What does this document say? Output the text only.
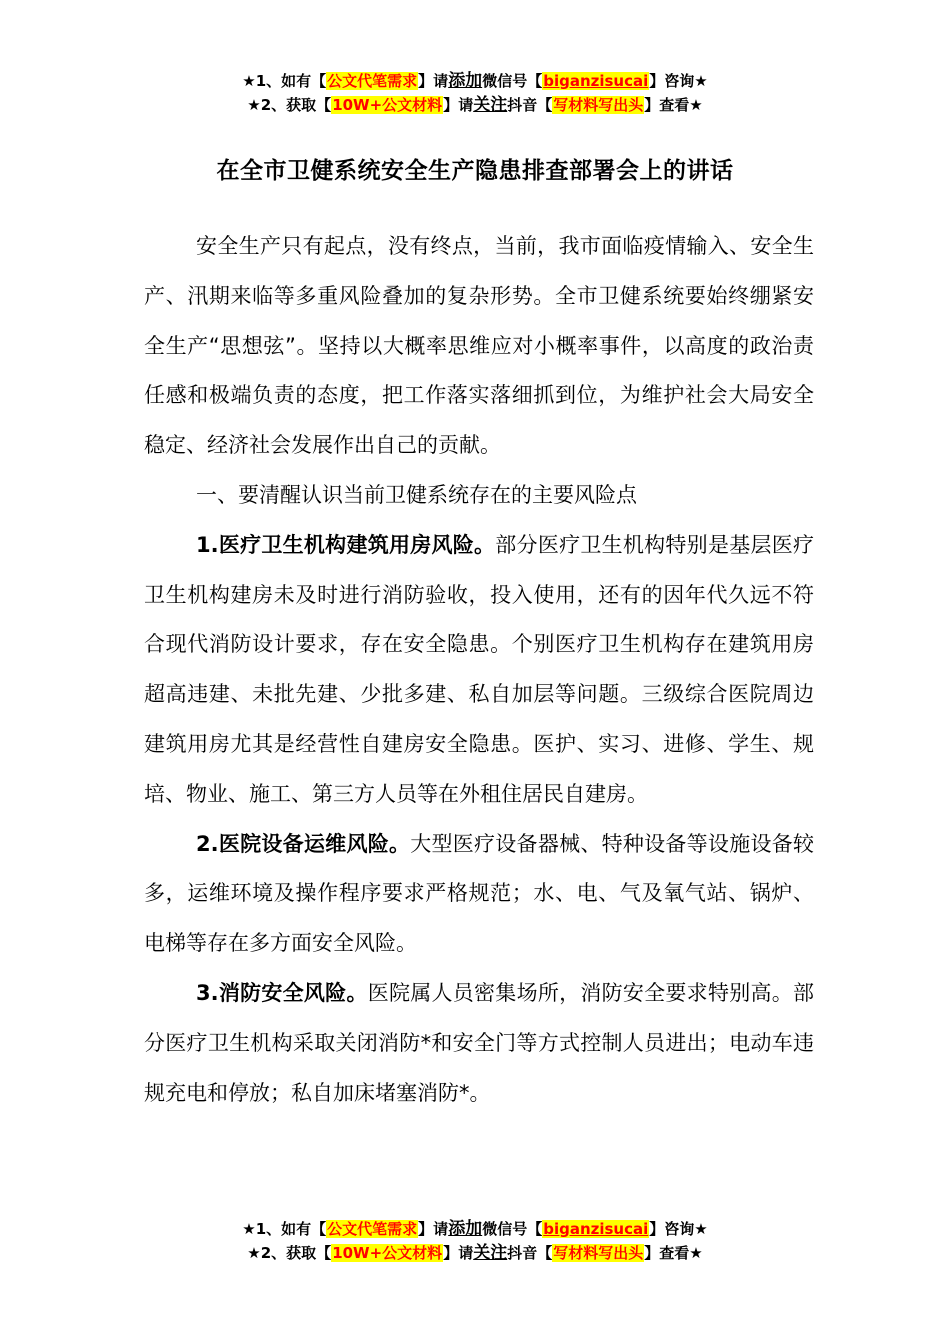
★1、如有【公文代笔需求】请添加微信号【biganzisucai】咨询★
★2、获取【10W+公文材料】请关注抖音【写材料写出头】查看★
在全市卫健系统安全生产隐患排查部署会上的讲话

安全生产只有起点，没有终点，当前，我市面临疫情输入、安全生产、汛期来临等多重风险叠加的复杂形势。全市卫健系统要始终绷紧安全生产“思想弦”。坚持以大概率思维应对小概率事件，以高度的政治责任感和极端负责的态度，把工作落实落细抓到位，为维护社会大局安全稳定、经济社会发展作出自己的贡献。

一、要清醒认识当前卫健系统存在的主要风险点

1.医疗卫生机构建筑用房风险。部分医疗卫生机构特别是基层医疗卫生机构建房未及时进行消防验收，投入使用，还有的因年代久远不符合现代消防设计要求，存在安全隐患。个别医疗卫生机构存在建筑用房超高违建、未批先建、少批多建、私自加层等问题。三级综合医院周边建筑用房尤其是经营性自建房安全隐患。医护、实习、进修、学生、规培、物业、施工、第三方人员等在外租住居民自建房。

2.医院设备运维风险。大型医疗设备器械、特种设备等设施设备较多，运维环境及操作程序要求严格规范；水、电、气及氧气站、锅炉、电梯等存在多方面安全风险。

3.消防安全风险。医院属人员密集场所，消防安全要求特别高。部分医疗卫生机构采取关闭消防*和安全门等方式控制人员进出；电动车违规充电和停放；私自加床堵塞消防*。

★1、如有【公文代笔需求】请添加微信号【biganzisucai】咨询★
★2、获取【10W+公文材料】请关注抖音【写材料写出头】查看★
